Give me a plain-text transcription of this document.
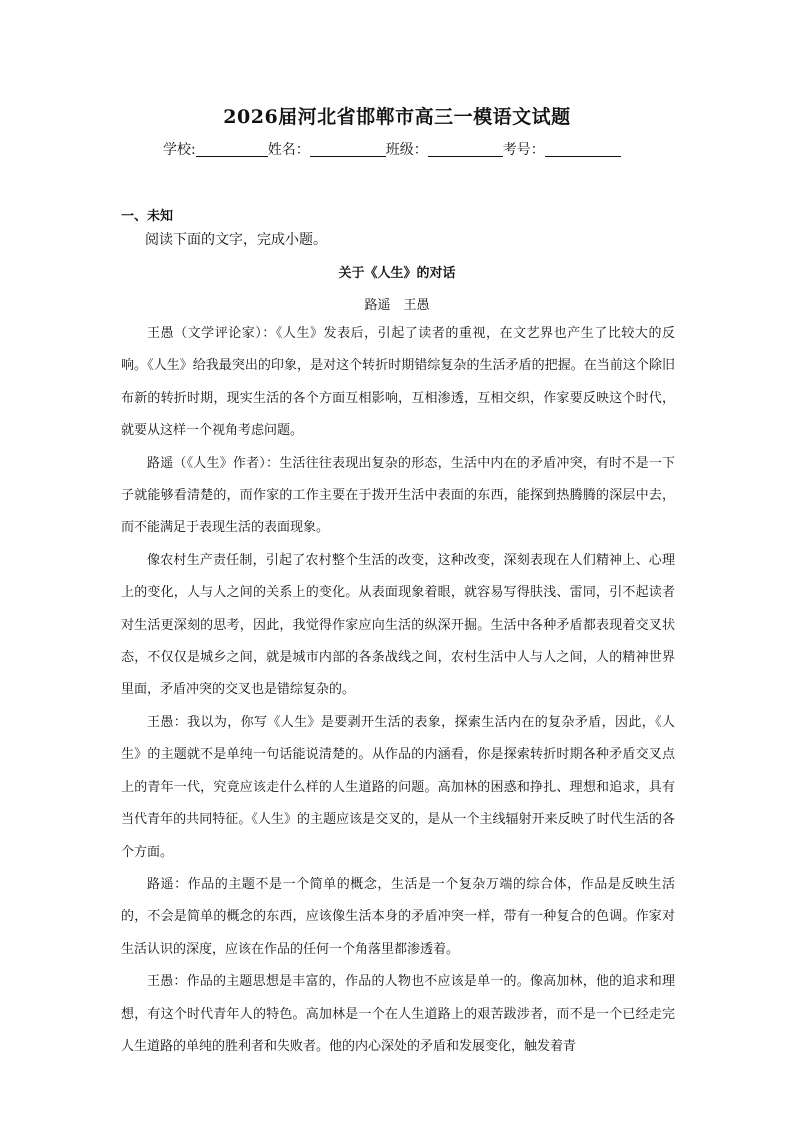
2026届河北省邯郸市高三一模语文试题
学校:	姓名：	班级：	考号：
一、未知
阅读下面的文字，完成小题。
关于《人生》的对话
路遥　王愚

王愚（文学评论家）：《人生》发表后，引起了读者的重视，在文艺界也产生了比较大的反响。《人生》给我最突出的印象，是对这个转折时期错综复杂的生活矛盾的把握。在当前这个除旧布新的转折时期，现实生活的各个方面互相影响，互相渗透，互相交织，作家要反映这个时代，就要从这样一个视角考虑问题。

路遥（《人生》作者）：生活往往表现出复杂的形态，生活中内在的矛盾冲突，有时不是一下子就能够看清楚的，而作家的工作主要在于拨开生活中表面的东西，能探到热腾腾的深层中去，而不能满足于表现生活的表面现象。

像农村生产责任制，引起了农村整个生活的改变，这种改变，深刻表现在人们精神上、心理上的变化，人与人之间的关系上的变化。从表面现象着眼，就容易写得肤浅、雷同，引不起读者对生活更深刻的思考，因此，我觉得作家应向生活的纵深开掘。生活中各种矛盾都表现着交叉状态，不仅仅是城乡之间，就是城市内部的各条战线之间，农村生活中人与人之间，人的精神世界里面，矛盾冲突的交叉也是错综复杂的。

王愚：我以为，你写《人生》是要剥开生活的表象，探索生活内在的复杂矛盾，因此，《人生》的主题就不是单纯一句话能说清楚的。从作品的内涵看，你是探索转折时期各种矛盾交叉点上的青年一代，究竟应该走什么样的人生道路的问题。高加林的困惑和挣扎、理想和追求，具有当代青年的共同特征。《人生》的主题应该是交叉的，是从一个主线辐射开来反映了时代生活的各个方面。

路遥：作品的主题不是一个简单的概念，生活是一个复杂万端的综合体，作品是反映生活的，不会是简单的概念的东西，应该像生活本身的矛盾冲突一样，带有一种复合的色调。作家对生活认识的深度，应该在作品的任何一个角落里都渗透着。

王愚：作品的主题思想是丰富的，作品的人物也不应该是单一的。像高加林，他的追求和理想，有这个时代青年人的特色。高加林是一个在人生道路上的艰苦跋涉者，而不是一个已经走完人生道路的单纯的胜利者和失败者。他的内心深处的矛盾和发展变化，触发着青
